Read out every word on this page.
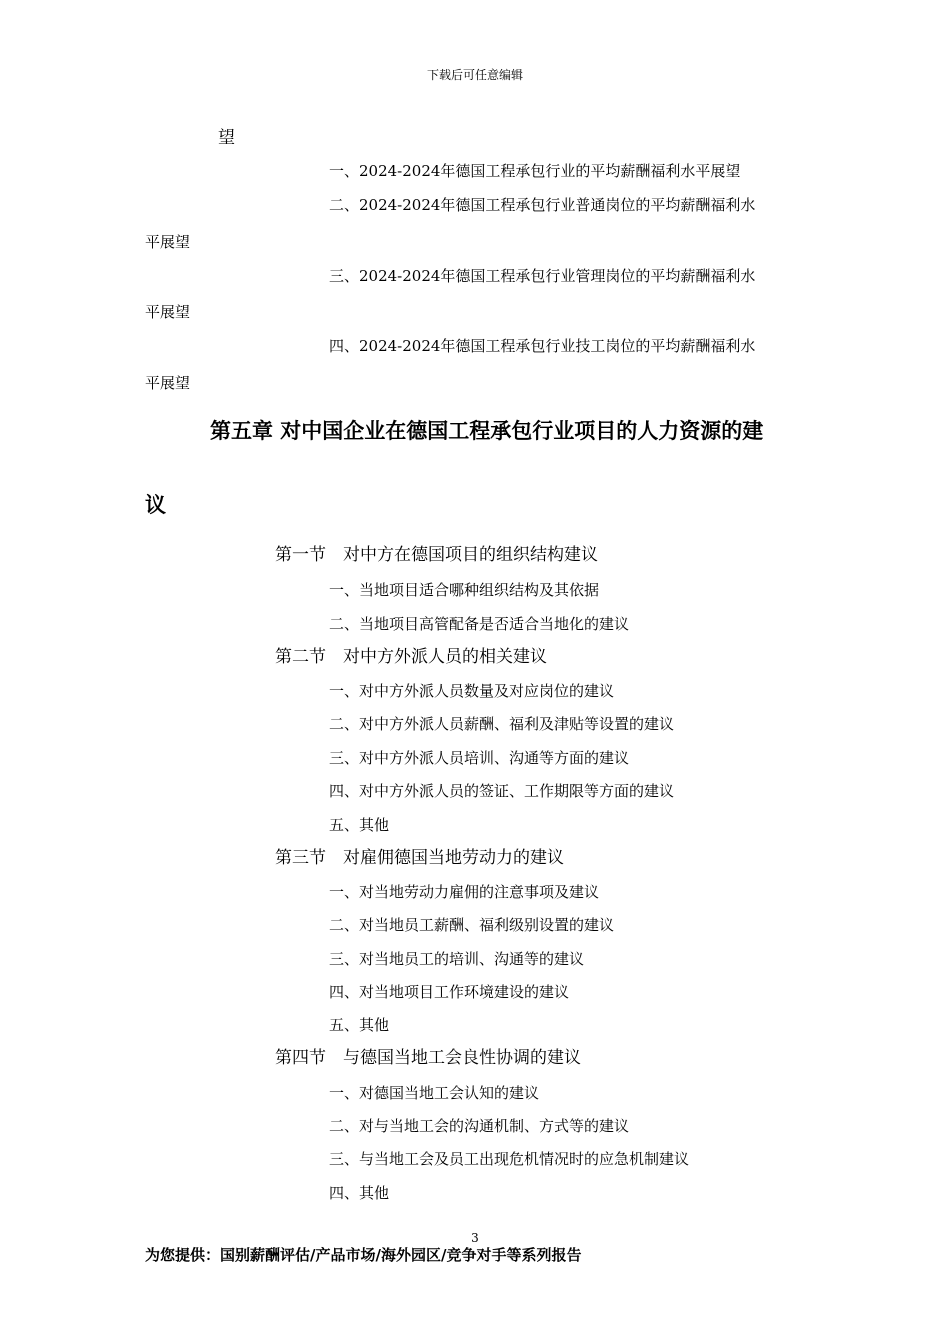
下载后可任意编辑
望
一、2024-2024年德国工程承包行业的平均薪酬福利水平展望
二、2024-2024年德国工程承包行业普通岗位的平均薪酬福利水
平展望
三、2024-2024年德国工程承包行业管理岗位的平均薪酬福利水
平展望
四、2024-2024年德国工程承包行业技工岗位的平均薪酬福利水
平展望
第五章 对中国企业在德国工程承包行业项目的人力资源的建
议
第一节　对中方在德国项目的组织结构建议
一、当地项目适合哪种组织结构及其依据
二、当地项目高管配备是否适合当地化的建议
第二节　对中方外派人员的相关建议
一、对中方外派人员数量及对应岗位的建议
二、对中方外派人员薪酬、福利及津贴等设置的建议
三、对中方外派人员培训、沟通等方面的建议
四、对中方外派人员的签证、工作期限等方面的建议
五、其他
第三节　对雇佣德国当地劳动力的建议
一、对当地劳动力雇佣的注意事项及建议
二、对当地员工薪酬、福利级别设置的建议
三、对当地员工的培训、沟通等的建议
四、对当地项目工作环境建设的建议
五、其他
第四节　与德国当地工会良性协调的建议
一、对德国当地工会认知的建议
二、对与当地工会的沟通机制、方式等的建议
三、与当地工会及员工出现危机情况时的应急机制建议
四、其他
3
为您提供：国别薪酬评估/产品市场/海外园区/竞争对手等系列报告
